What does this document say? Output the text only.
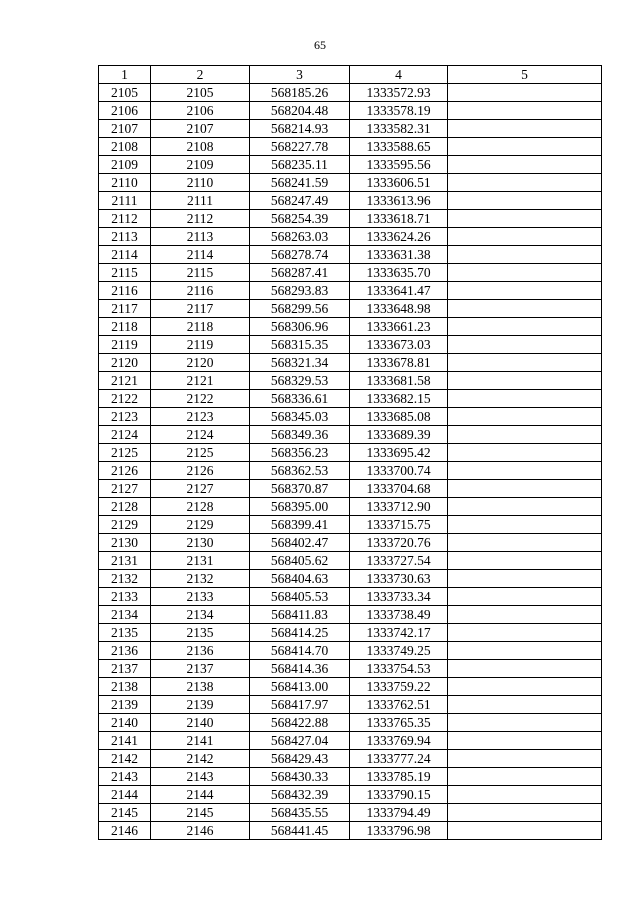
65
1	2	3	4	5
2105	2105	568185.26	1333572.93	
2106	2106	568204.48	1333578.19	
2107	2107	568214.93	1333582.31	
2108	2108	568227.78	1333588.65	
2109	2109	568235.11	1333595.56	
2110	2110	568241.59	1333606.51	
2111	2111	568247.49	1333613.96	
2112	2112	568254.39	1333618.71	
2113	2113	568263.03	1333624.26	
2114	2114	568278.74	1333631.38	
2115	2115	568287.41	1333635.70	
2116	2116	568293.83	1333641.47	
2117	2117	568299.56	1333648.98	
2118	2118	568306.96	1333661.23	
2119	2119	568315.35	1333673.03	
2120	2120	568321.34	1333678.81	
2121	2121	568329.53	1333681.58	
2122	2122	568336.61	1333682.15	
2123	2123	568345.03	1333685.08	
2124	2124	568349.36	1333689.39	
2125	2125	568356.23	1333695.42	
2126	2126	568362.53	1333700.74	
2127	2127	568370.87	1333704.68	
2128	2128	568395.00	1333712.90	
2129	2129	568399.41	1333715.75	
2130	2130	568402.47	1333720.76	
2131	2131	568405.62	1333727.54	
2132	2132	568404.63	1333730.63	
2133	2133	568405.53	1333733.34	
2134	2134	568411.83	1333738.49	
2135	2135	568414.25	1333742.17	
2136	2136	568414.70	1333749.25	
2137	2137	568414.36	1333754.53	
2138	2138	568413.00	1333759.22	
2139	2139	568417.97	1333762.51	
2140	2140	568422.88	1333765.35	
2141	2141	568427.04	1333769.94	
2142	2142	568429.43	1333777.24	
2143	2143	568430.33	1333785.19	
2144	2144	568432.39	1333790.15	
2145	2145	568435.55	1333794.49	
2146	2146	568441.45	1333796.98	
